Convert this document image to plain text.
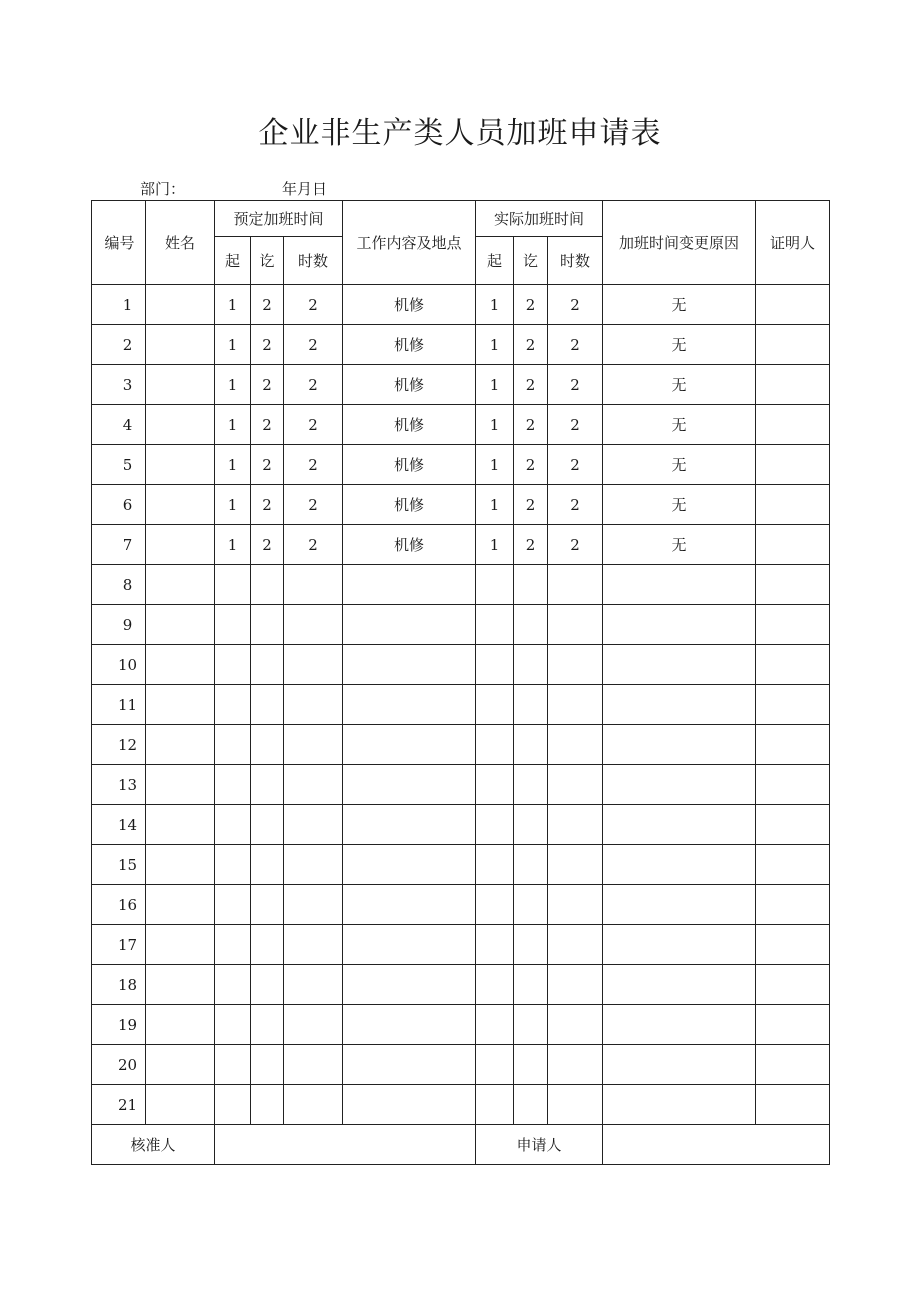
企业非生产类人员加班申请表
部门：	年月日
编号	姓名	预定加班时间			工作内容及地点	实际加班时间			加班时间变更原因	证明人
		起	讫	时数		起	讫	时数		
1		1	2	2	机修	1	2	2	无	
2		1	2	2	机修	1	2	2	无	
3		1	2	2	机修	1	2	2	无	
4		1	2	2	机修	1	2	2	无	
5		1	2	2	机修	1	2	2	无	
6		1	2	2	机修	1	2	2	无	
7		1	2	2	机修	1	2	2	无	
8										
9										
10										
11										
12										
13										
14										
15										
16										
17										
18										
19										
20										
21										
核准人						申请人				
